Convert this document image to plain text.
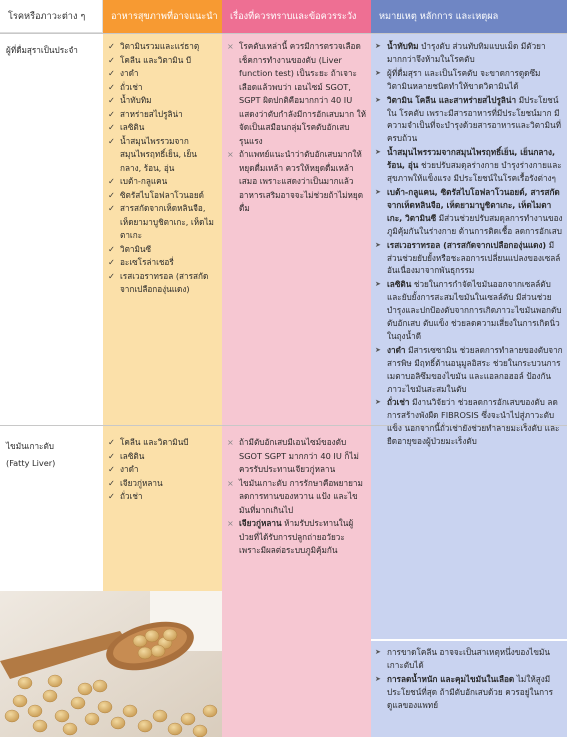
โรคหรือภาวะต่าง ๆ	อาหารสุขภาพที่อาจแนะนำ	เรื่องที่ควรทราบและข้อควรระวัง	หมายเหตุ หลักการ และเหตุผล
ผู้ที่ดื่มสุราเป็นประจำ
✓	วิตามินรวมและแร่ธาตุ
✓ โคลีน และวิตามิน บี
✓ งาดำ
✓ ถั่วเช่า
✓ น้ำทับทิม
✓ สาหร่ายสไปรูลิน่า
✓ เลซิติน
✓ น้ำสมุนไพรรวมจากสมุนไพรฤทธิ์เย็น, เย็นกลาง, ร้อน, อุ่น
✓ เบต้า-กลูแคน
✓ ซิตรัสไบโอฟลาโวนอยด์
✓ สารสกัดจากเห็ดหลินจือ, เห็ดยามาบูชิตาเกะ, เห็ดไมตาเกะ
✓ วิตามินซี
✓ อะเซโรล่าเชอรี่
✓ เรสเวอราทรอล (สารสกัดจากเปลือกองุ่นแดง)
⨯ โรคตับเหล่านี้ ควรมีการตรวจเลือดเช็คการทำงานของตับ (Liver function test) เป็นระยะ ถ้าเจาะเลือดแล้วพบว่า เอนไซม์ SGOT, SGPT ผิดปกติคือมากกว่า 40 IU แสดงว่าตับกำลังมีการอักเสบมาก ให้จัดเป็นเสมือนกลุ่มโรคตับอักเสบรุนแรง
⨯ ถ้าแพทย์แนะนำว่าตับอักเสบมากให้หยุดดื่มเหล้า ควรให้หยุดดื่มเหล้าเสมอ เพราะแสดงว่าเป็นมากแล้ว อาหารเสริมอาจจะไม่ช่วยถ้าไม่หยุดดื่ม
➤ น้ำทับทิม บำรุงตับ ส่วนทับทิมแบบเม็ด มีตัวยามากกว่าจึงห้ามในโรคตับ
➤ ผู้ที่ดื่มสุรา และเป็นโรคตับ จะขาดการดูดซึมวิตามินหลายชนิดทำให้ขาดวิตามินได้
➤ วิตามิน โคลีน และสาหร่ายสไปรูลิน่า มีประโยชน์ใน โรคตับ เพราะมีสารอาหารที่มีประโยชน์มาก มีความจำเป็นที่จะบำรุงด้วยสารอาหารและวิตามินที่ครบถ้วน
➤ น้ำสมุนไพรรวมจากสมุนไพรฤทธิ์เย็น, เย็นกลาง, ร้อน, อุ่น ช่วยปรับสมดุลร่างกาย บำรุงร่างกายและสุขภาพให้แข็งแรง มีประโยชน์ในโรคเรื้อรังต่างๆ
➤ เบต้า-กลูแคน, ซิตรัสไบโอฟลาโวนอยด์, สารสกัดจากเห็ดหลินจือ, เห็ดยามาบูชิตาเกะ, เห็ดไมตาเกะ, วิตามินซี มีส่วนช่วยปรับสมดุลการทำงานของภูมิคุ้มกันในร่างกาย ต้านการติดเชื้อ ลดการอักเสบ
➤ เรสเวอราทรอล (สารสกัดจากเปลือกองุ่นแดง) มีส่วนช่วยยับยั้งหรือชะลอการเปลี่ยนแปลงของเซลล์อันเนื่องมาจากพันธุกรรม
➤ เลซิติน ช่วยในการกำจัดไขมันออกจากเซลล์ตับ และยับยั้งการสะสมไขมันในเซลล์ตับ มีส่วนช่วยบำรุงและปกป้องตับจากการเกิดภาวะไขมันพอกตับ ตับอักเสบ ตับแข็ง ช่วยลดความเสี่ยงในการเกิดนิ่วในถุงน้ำดี
➤ งาดำ มีสารเซซามิน ช่วยลดการทำลายของตับจากสารพิษ มีฤทธิ์ต้านอนุมูลอิสระ ช่วยในกระบวนการเมตาบอลิซึมของไขมัน และแอลกอฮอล์ ป้องกันภาวะไขมันสะสมในตับ
➤ ถั่วเช่า มีงานวิจัยว่า ช่วยลดการอักเสบของตับ ลดการสร้างพังผืด FIBROSIS ซึ่งจะนำไปสู่ภาวะตับแข็ง นอกจากนี้ถั่วเช่ายังช่วยทำลายมะเร็งตับ และยืดอายุของผู้ป่วยมะเร็งตับ
ไขมันเกาะตับ
(Fatty Liver)
✓ โคลีน และวิตามินบี
✓ เลซิติน
✓ งาดำ
✓ เจียวกู่หลาน
✓ ถั่วเช่า
⨯ ถ้ามีตับอักเสบมีเอนไซม์ของตับ SGOT SGPT มากกว่า 40 IU ก็ไม่ควรรับประทานเจียวกู่หลาน
⨯ ไขมันเกาะตับ การรักษาคือพยายามลดการทานของหวาน แป้ง และไขมันที่มากเกินไป
⨯ เจียวกู่หลาน ห้ามรับประทานในผู้ป่วยที่ได้รับการปลูกถ่ายอวัยวะ เพราะมีผลต่อระบบภูมิคุ้มกัน
➤ การขาดโคลีน อาจจะเป็นสาเหตุหนึ่งของไขมันเกาะตับได้
➤ การลดน้ำหนัก และคุมไขมันในเลือด ไม่ให้สูงมีประโยชน์ที่สุด ถ้ามีตับอักเสบด้วย ควรอยู่ในการดูแลของแพทย์
